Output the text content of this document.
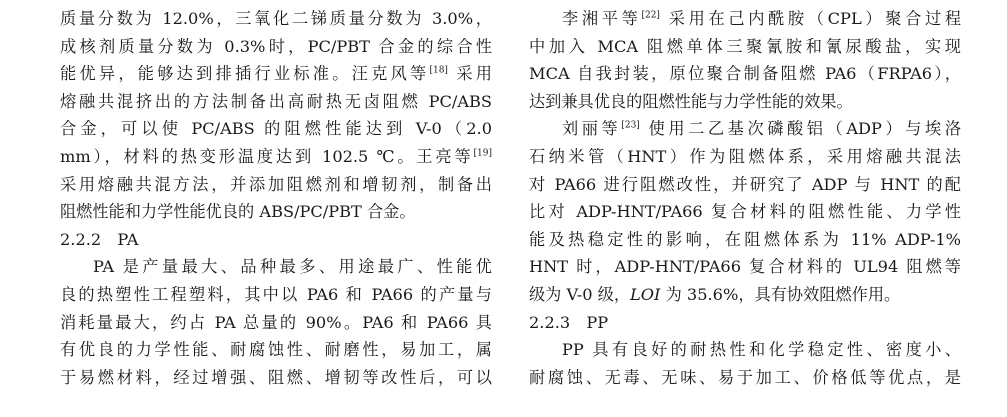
质量分数为 12.0%，三氧化二锑质量分数为 3.0%，
成核剂质量分数为 0.3%时，PC/PBT 合金的综合性
能优异，能够达到排插行业标准。汪克风等[18] 采用
熔融共混挤出的方法制备出高耐热无卤阻燃 PC/ABS
合金，可以使 PC/ABS 的阻燃性能达到 V-0（2.0
mm），材料的热变形温度达到 102.5 ℃。王亮等[19]
采用熔融共混方法，并添加阻燃剂和增韧剂，制备出
阻燃性能和力学性能优良的 ABS/PC/PBT 合金。
2.2.2　PA
PA 是产量最大、品种最多、用途最广、性能优
良的热塑性工程塑料，其中以 PA6 和 PA66 的产量与
消耗量最大，约占 PA 总量的 90%。PA6 和 PA66 具
有优良的力学性能、耐腐蚀性、耐磨性，易加工，属
于易燃材料，经过增强、阻燃、增韧等改性后，可以
李湘平等[22] 采用在己内酰胺（CPL）聚合过程
中加入 MCA 阻燃单体三聚氰胺和氰尿酸盐，实现
MCA 自我封装，原位聚合制备阻燃 PA6（FRPA6），
达到兼具优良的阻燃性能与力学性能的效果。
刘丽等[23] 使用二乙基次磷酸铝（ADP）与埃洛
石纳米管（HNT）作为阻燃体系，采用熔融共混法
对 PA66 进行阻燃改性，并研究了 ADP 与 HNT 的配
比对 ADP-HNT/PA66 复合材料的阻燃性能、力学性
能及热稳定性的影响，在阻燃体系为 11% ADP-1%
HNT 时，ADP-HNT/PA66 复合材料的 UL94 阻燃等
级为 V-0 级，LOI 为 35.6%，具有协效阻燃作用。
2.2.3　PP
PP 具有良好的耐热性和化学稳定性、密度小、
耐腐蚀、无毒、无味、易于加工、价格低等优点，是
